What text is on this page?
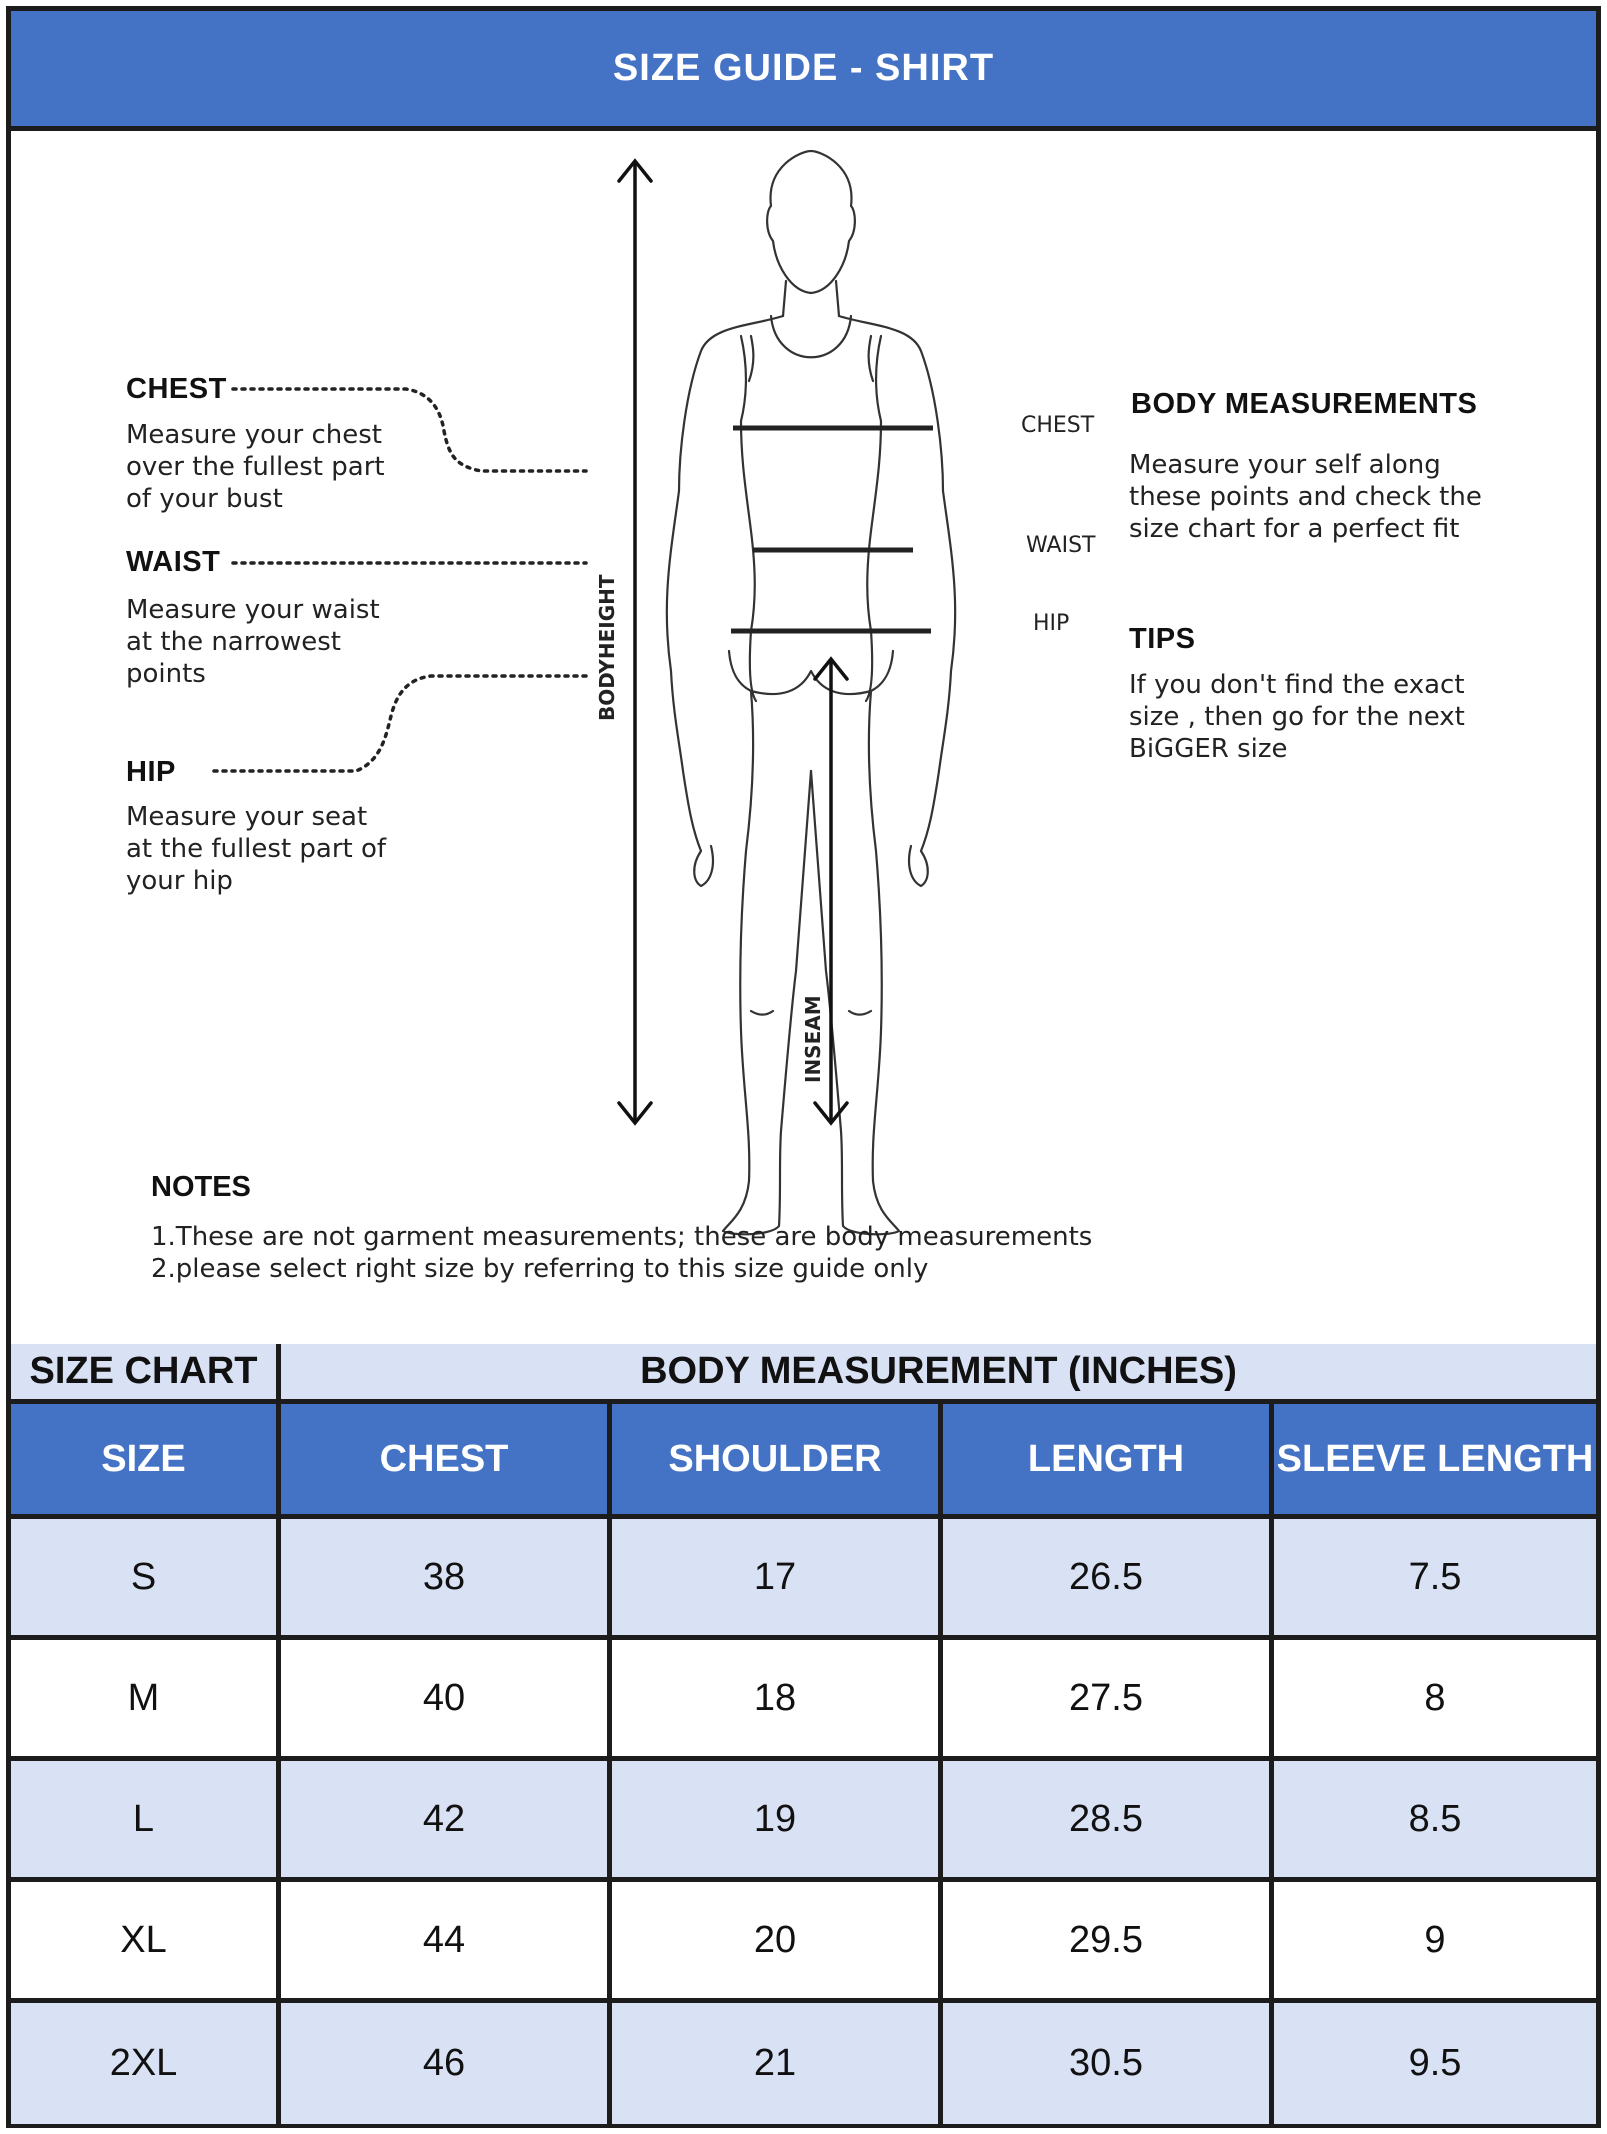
SIZE GUIDE - SHIRT
CHEST
Measure your chest
over the fullest part
of your bust
WAIST
Measure your waist
at the narrowest
points
HIP
Measure your seat
at the fullest part of
your hip
CHEST
WAIST
HIP
BODYHEIGHT
INSEAM
BODY MEASUREMENTS
Measure your self along
these points and check the
size chart for a perfect fit
TIPS
If you don't find the exact
size , then go for the next
BiGGER size
NOTES
1.These are not garment measurements; these are body measurements
2.please select right size by referring to this size guide only
SIZE CHART	BODY MEASUREMENT (INCHES)
SIZE	CHEST	SHOULDER	LENGTH	SLEEVE LENGTH
S	38	17	26.5	7.5
M	40	18	27.5	8
L	42	19	28.5	8.5
XL	44	20	29.5	9
2XL	46	21	30.5	9.5
